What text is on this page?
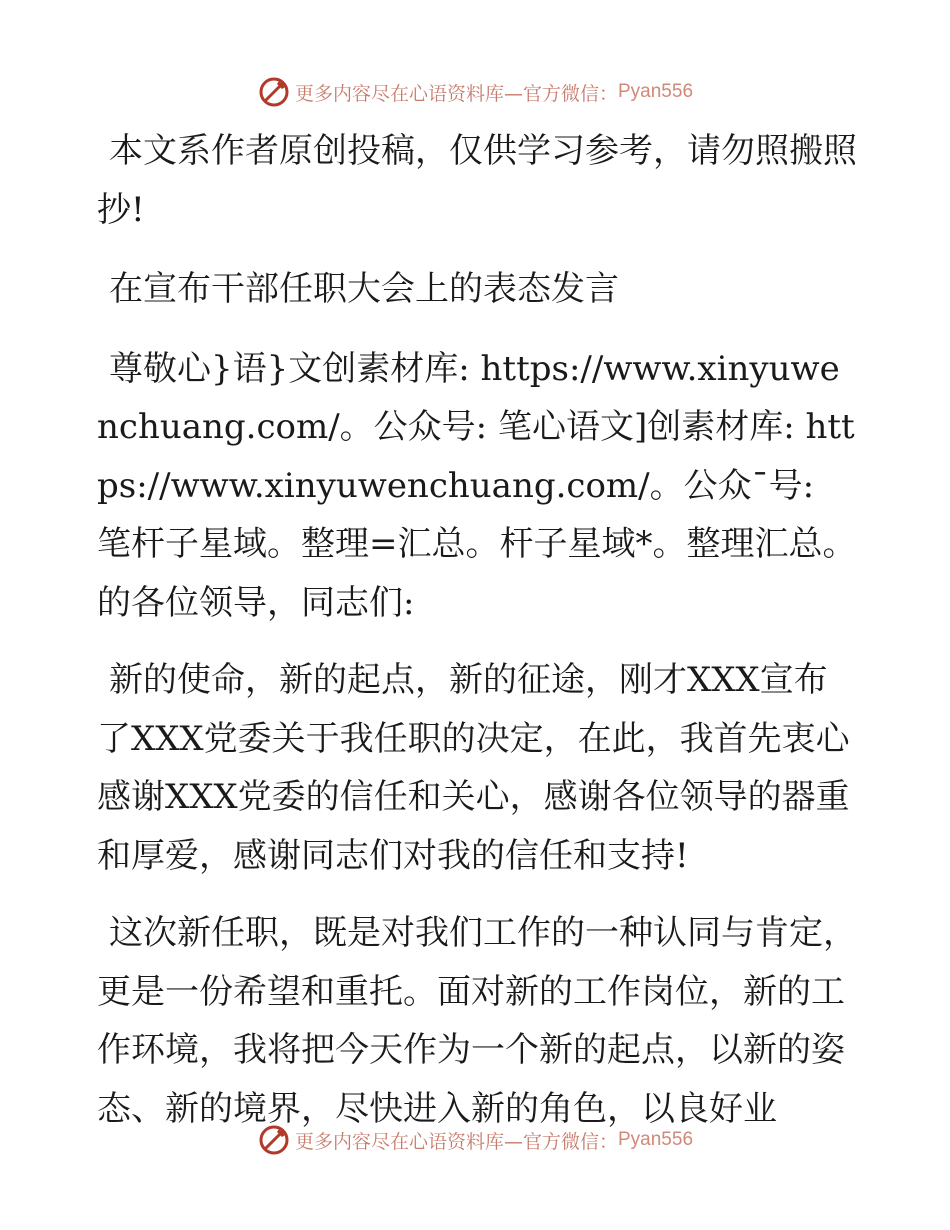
更多内容尽在心语资料库—官方微信： Pyan556

本文系作者原创投稿，仅供学习参考，请勿照搬照抄!

在宣布干部任职大会上的表态发言

尊敬心}语}文创素材库: https://www.xinyuwenchuang.com/。公众号: 笔心语文]创素材库: https://www.xinyuwenchuang.com/。公众¯号: 笔杆子星域。整理=汇总。杆子星域*。整理汇总。的各位领导，同志们:

新的使命，新的起点，新的征途，刚才XXX宣布了XXX党委关于我任职的决定，在此，我首先衷心感谢XXX党委的信任和关心，感谢各位领导的器重和厚爱，感谢同志们对我的信任和支持!

这次新任职，既是对我们工作的一种认同与肯定，更是一份希望和重托。面对新的工作岗位，新的工作环境，我将把今天作为一个新的起点，以新的姿态、新的境界，尽快进入新的角色，以良好业

更多内容尽在心语资料库—官方微信： Pyan556
